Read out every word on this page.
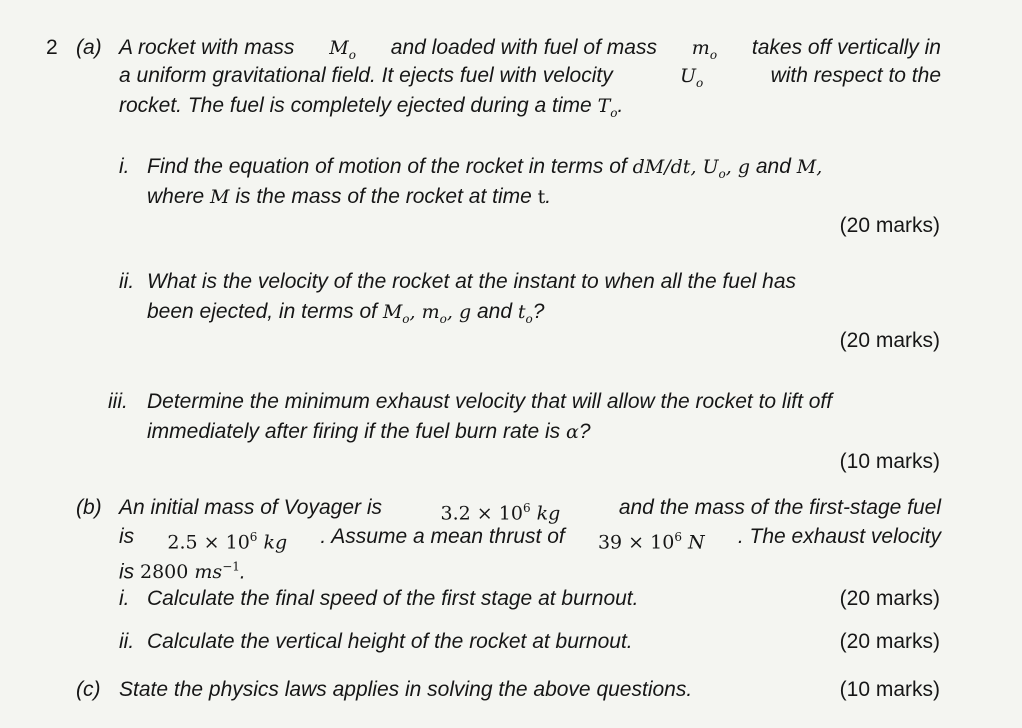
2 (a) A rocket with mass $M_o$ and loaded with fuel of mass $m_o$ takes off vertically in
a uniform gravitational field. It ejects fuel with velocity	$U_o$	with respect to the
rocket. The fuel is completely ejected during a time $T_o$.
i. Find the equation of motion of the rocket in terms of dM/dt, $U_o$, g and M,
where M is the mass of the rocket at time t.
(20 marks)
ii. What is the velocity of the rocket at the instant to when all the fuel has
been ejected, in terms of $M_o$, $m_o$, g and $t_o$?
(20 marks)
iii. Determine the minimum exhaust velocity that will allow the rocket to lift off
immediately after firing if the fuel burn rate is α?
(10 marks)
(b) An initial mass of Voyager is	$3.2 \times 10^6$ kg	and the mass of the first-stage fuel
is $2.5 \times 10^6$ kg . Assume a mean thrust of $39 \times 10^6$ N . The exhaust velocity
is 2800 $ms^{-1}$.
i. Calculate the final speed of the first stage at burnout.	(20 marks)
ii. Calculate the vertical height of the rocket at burnout.	(20 marks)
(c) State the physics laws applies in solving the above questions.	(10 marks)
